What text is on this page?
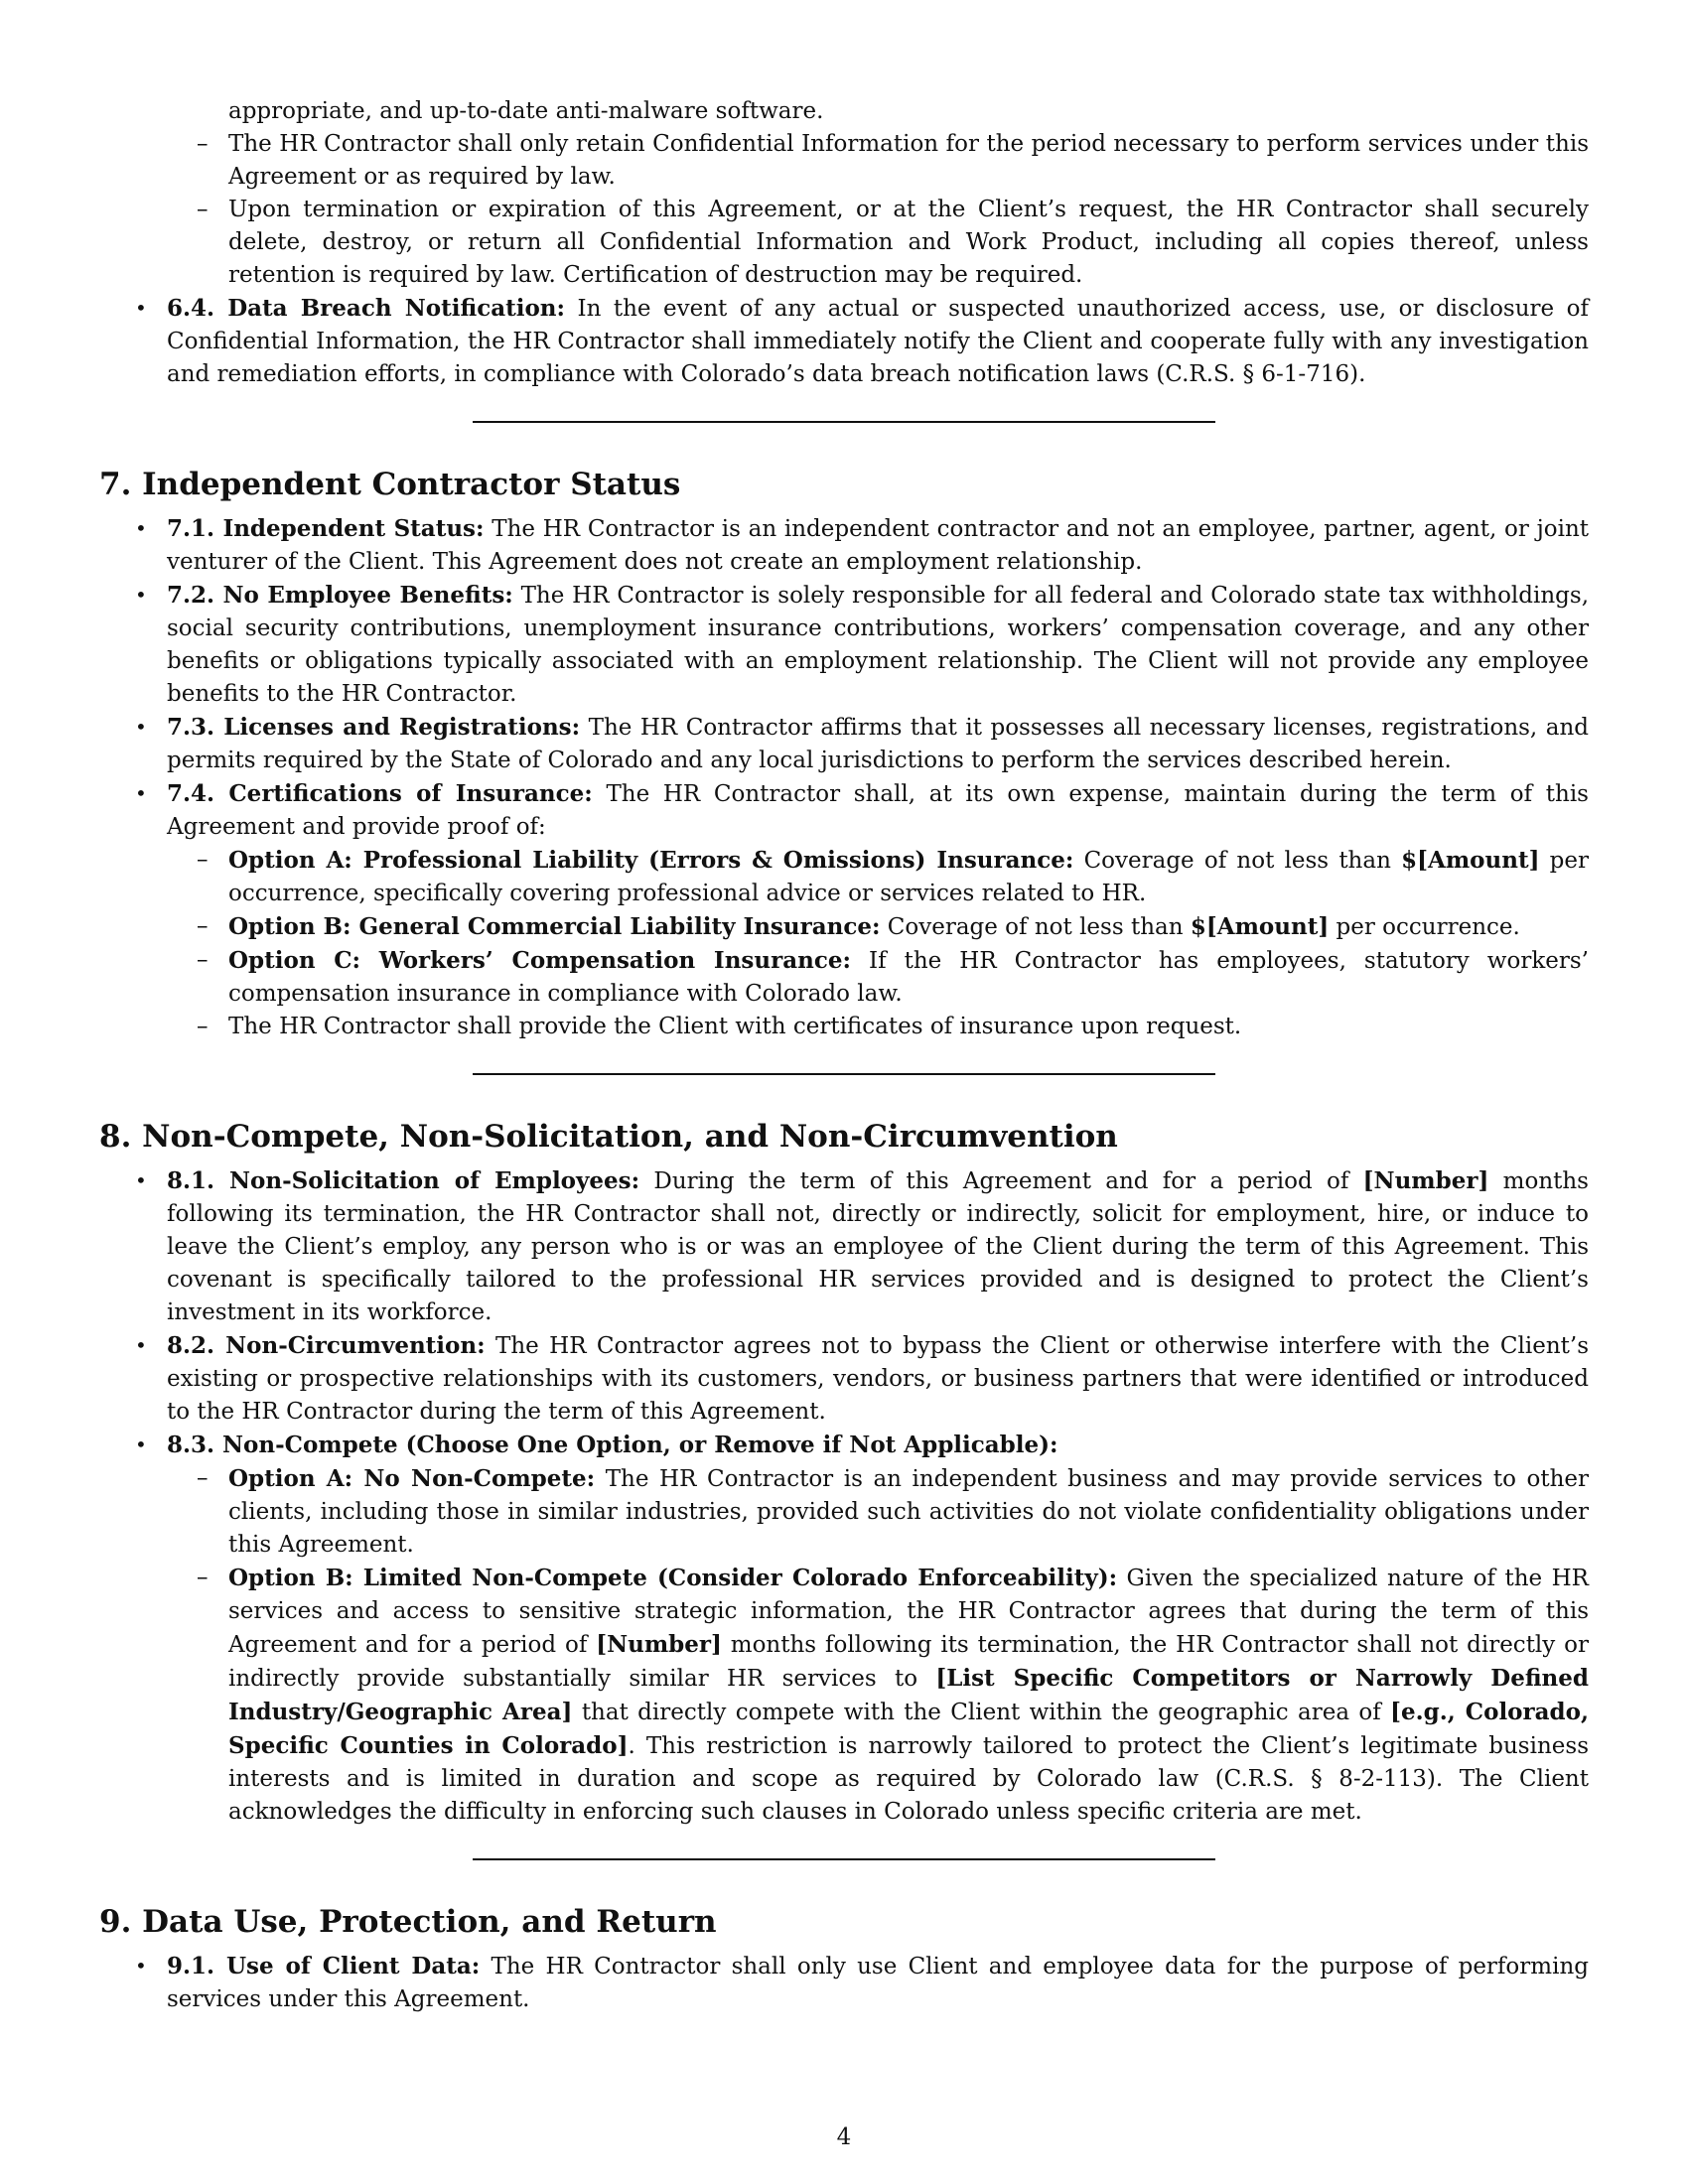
appropriate, and up-to-date anti-malware software.

– The HR Contractor shall only retain Confidential Information for the period necessary to perform services under this Agreement or as required by law.

– Upon termination or expiration of this Agreement, or at the Client’s request, the HR Contractor shall securely delete, destroy, or return all Confidential Information and Work Product, including all copies thereof, unless retention is required by law. Certification of destruction may be required.

• 6.4. Data Breach Notification: In the event of any actual or suspected unauthorized access, use, or disclosure of Confidential Information, the HR Contractor shall immediately notify the Client and cooperate fully with any investigation and remediation efforts, in compliance with Colorado’s data breach notification laws (C.R.S. § 6-1-716).

7. Independent Contractor Status

• 7.1. Independent Status: The HR Contractor is an independent contractor and not an employee, partner, agent, or joint venturer of the Client. This Agreement does not create an employment relationship.

• 7.2. No Employee Benefits: The HR Contractor is solely responsible for all federal and Colorado state tax withholdings, social security contributions, unemployment insurance contributions, workers’ compensation coverage, and any other benefits or obligations typically associated with an employment relationship. The Client will not provide any employee benefits to the HR Contractor.

• 7.3. Licenses and Registrations: The HR Contractor affirms that it possesses all necessary licenses, registrations, and permits required by the State of Colorado and any local jurisdictions to perform the services described herein.

• 7.4. Certifications of Insurance: The HR Contractor shall, at its own expense, maintain during the term of this Agreement and provide proof of:

– Option A: Professional Liability (Errors & Omissions) Insurance: Coverage of not less than $[Amount] per occurrence, specifically covering professional advice or services related to HR.

– Option B: General Commercial Liability Insurance: Coverage of not less than $[Amount] per occurrence.

– Option C: Workers’ Compensation Insurance: If the HR Contractor has employees, statutory workers’ compensation insurance in compliance with Colorado law.

– The HR Contractor shall provide the Client with certificates of insurance upon request.

8. Non-Compete, Non-Solicitation, and Non-Circumvention

• 8.1. Non-Solicitation of Employees: During the term of this Agreement and for a period of [Number] months following its termination, the HR Contractor shall not, directly or indirectly, solicit for employment, hire, or induce to leave the Client’s employ, any person who is or was an employee of the Client during the term of this Agreement. This covenant is specifically tailored to the professional HR services provided and is designed to protect the Client’s investment in its workforce.

• 8.2. Non-Circumvention: The HR Contractor agrees not to bypass the Client or otherwise interfere with the Client’s existing or prospective relationships with its customers, vendors, or business partners that were identified or introduced to the HR Contractor during the term of this Agreement.

• 8.3. Non-Compete (Choose One Option, or Remove if Not Applicable):

– Option A: No Non-Compete: The HR Contractor is an independent business and may provide services to other clients, including those in similar industries, provided such activities do not violate confidentiality obligations under this Agreement.

– Option B: Limited Non-Compete (Consider Colorado Enforceability): Given the specialized nature of the HR services and access to sensitive strategic information, the HR Contractor agrees that during the term of this Agreement and for a period of [Number] months following its termination, the HR Contractor shall not directly or indirectly provide substantially similar HR services to [List Specific Competitors or Narrowly Defined Industry/Geographic Area] that directly compete with the Client within the geographic area of [e.g., Colorado, Specific Counties in Colorado]. This restriction is narrowly tailored to protect the Client’s legitimate business interests and is limited in duration and scope as required by Colorado law (C.R.S. § 8-2-113). The Client acknowledges the difficulty in enforcing such clauses in Colorado unless specific criteria are met.

9. Data Use, Protection, and Return

• 9.1. Use of Client Data: The HR Contractor shall only use Client and employee data for the purpose of performing services under this Agreement.

4
